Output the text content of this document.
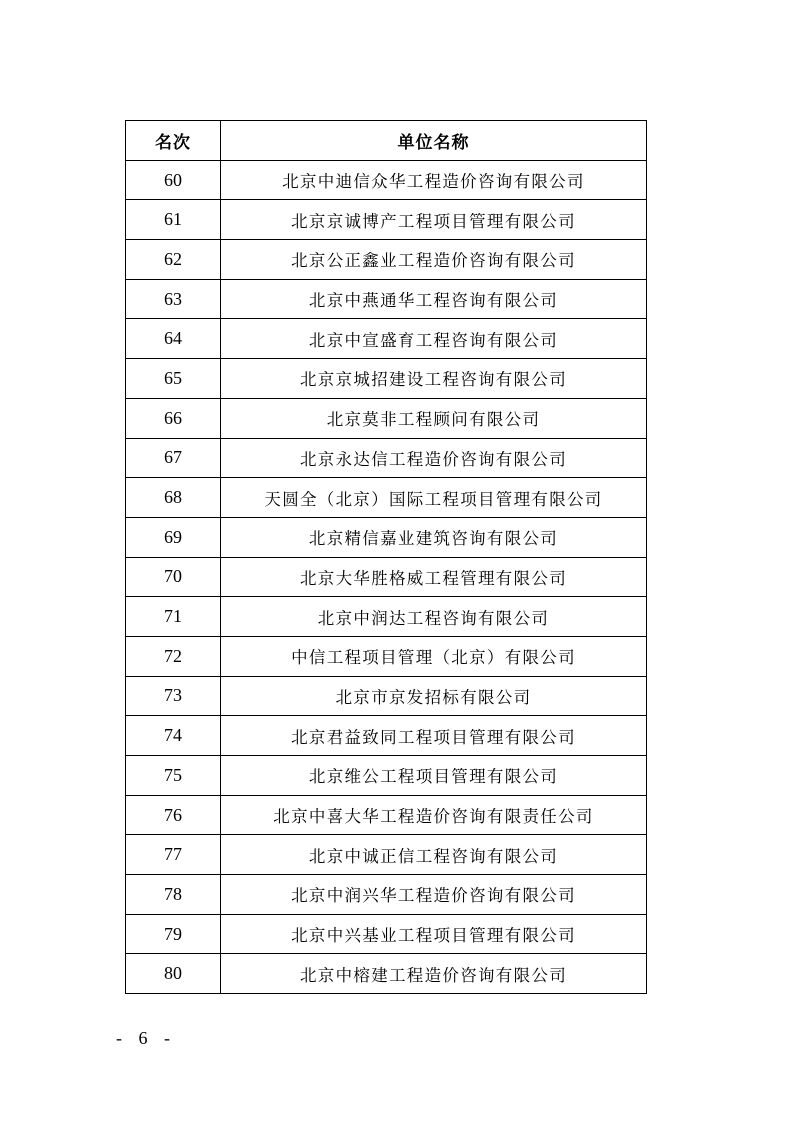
名次	单位名称
60	北京中迪信众华工程造价咨询有限公司
61	北京京诚博产工程项目管理有限公司
62	北京公正鑫业工程造价咨询有限公司
63	北京中燕通华工程咨询有限公司
64	北京中宣盛育工程咨询有限公司
65	北京京城招建设工程咨询有限公司
66	北京莫非工程顾问有限公司
67	北京永达信工程造价咨询有限公司
68	天圆全（北京）国际工程项目管理有限公司
69	北京精信嘉业建筑咨询有限公司
70	北京大华胜格威工程管理有限公司
71	北京中润达工程咨询有限公司
72	中信工程项目管理（北京）有限公司
73	北京市京发招标有限公司
74	北京君益致同工程项目管理有限公司
75	北京维公工程项目管理有限公司
76	北京中喜大华工程造价咨询有限责任公司
77	北京中诚正信工程咨询有限公司
78	北京中润兴华工程造价咨询有限公司
79	北京中兴基业工程项目管理有限公司
80	北京中榕建工程造价咨询有限公司
- 6 -
